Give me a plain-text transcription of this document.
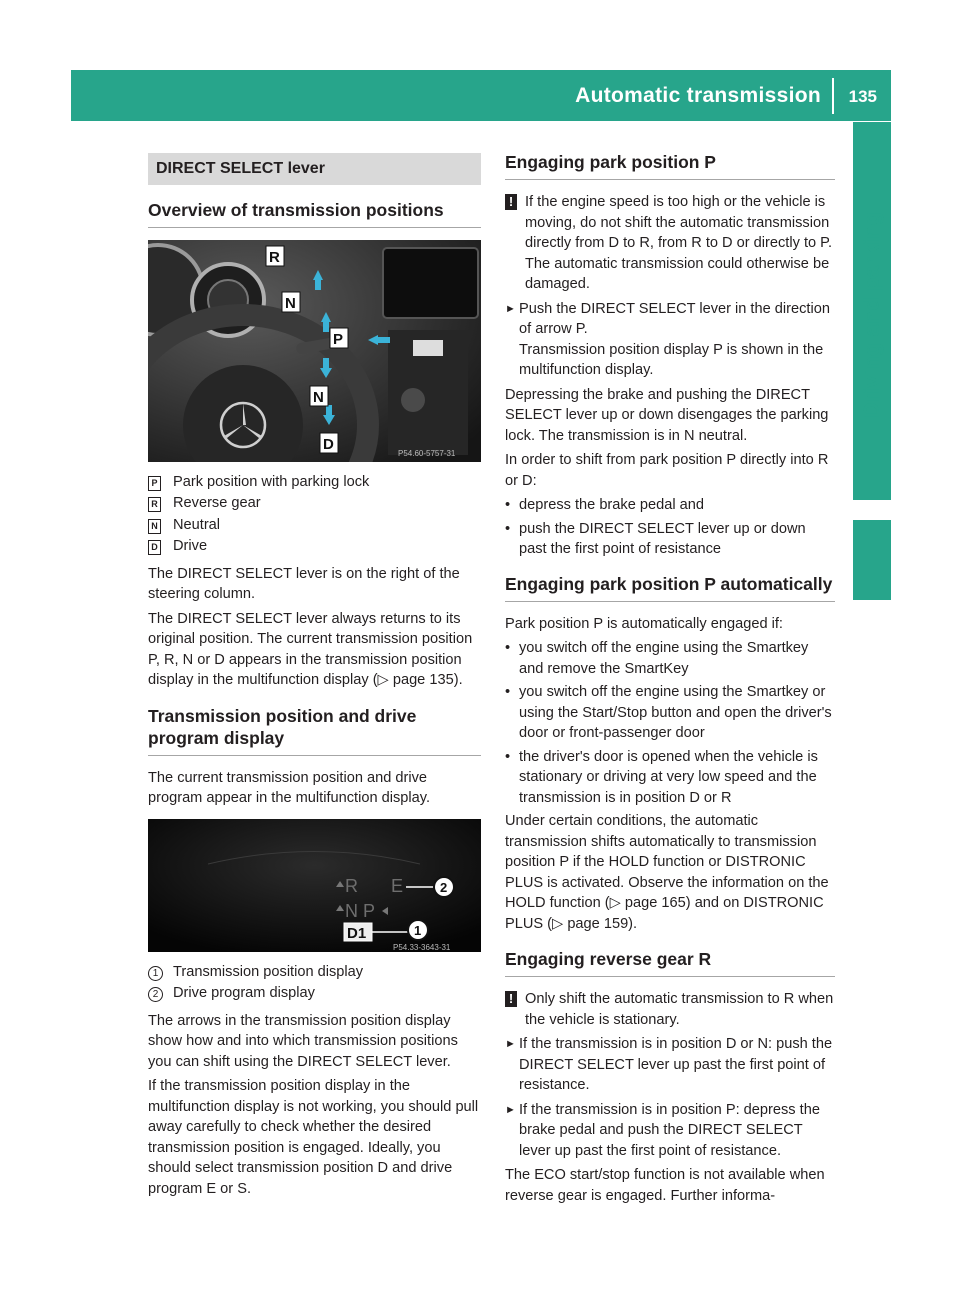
Automatic transmission 135
Driving and parking
DIRECT SELECT lever
Overview of transmission positions
R
N
P
N
D
P54.60-5757-31
P	Park position with parking lock
R	Reverse gear
N	Neutral
D	Drive

The DIRECT SELECT lever is on the right of the steering column.

The DIRECT SELECT lever always returns to its original position. The current transmission position P, R, N or D appears in the transmission position display in the multifunction display (▷ page 135).

Transmission position and drive program display

The current transmission position and drive program appear in the multifunction display.

R E
N P
D1	1
2
P54.33-3643-31
1	Transmission position display
2	Drive program display

The arrows in the transmission position display show how and into which transmission positions you can shift using the DIRECT SELECT lever.

If the transmission position display in the multifunction display is not working, you should pull away carefully to check whether the desired transmission position is engaged. Ideally, you should select transmission position D and drive program E or S.

Engaging park position P
! If the engine speed is too high or the vehicle is moving, do not shift the automatic transmission directly from D to R, from R to D or directly to P. The automatic transmission could otherwise be damaged.
► Push the DIRECT SELECT lever in the direction of arrow P.
Transmission position display P is shown in the multifunction display.

Depressing the brake and pushing the DIRECT SELECT lever up or down disengages the parking lock. The transmission is in N neutral.

In order to shift from park position P directly into R or D:

• depress the brake pedal and
• push the DIRECT SELECT lever up or down past the first point of resistance
Engaging park position P automatically

Park position P is automatically engaged if:

• you switch off the engine using the Smartkey and remove the SmartKey
• you switch off the engine using the Smartkey or using the Start/Stop button and open the driver's door or front-passenger door
• the driver's door is opened when the vehicle is stationary or driving at very low speed and the transmission is in position D or R

Under certain conditions, the automatic transmission shifts automatically to transmission position P if the HOLD function or DISTRONIC PLUS is activated. Observe the information on the HOLD function (▷ page 165) and on DISTRONIC PLUS (▷ page 159).

Engaging reverse gear R
! Only shift the automatic transmission to R when the vehicle is stationary.
► If the transmission is in position D or N: push the DIRECT SELECT lever up past the first point of resistance.
► If the transmission is in position P: depress the brake pedal and push the DIRECT SELECT lever up past the first point of resistance.

The ECO start/stop function is not available when reverse gear is engaged. Further informa-
